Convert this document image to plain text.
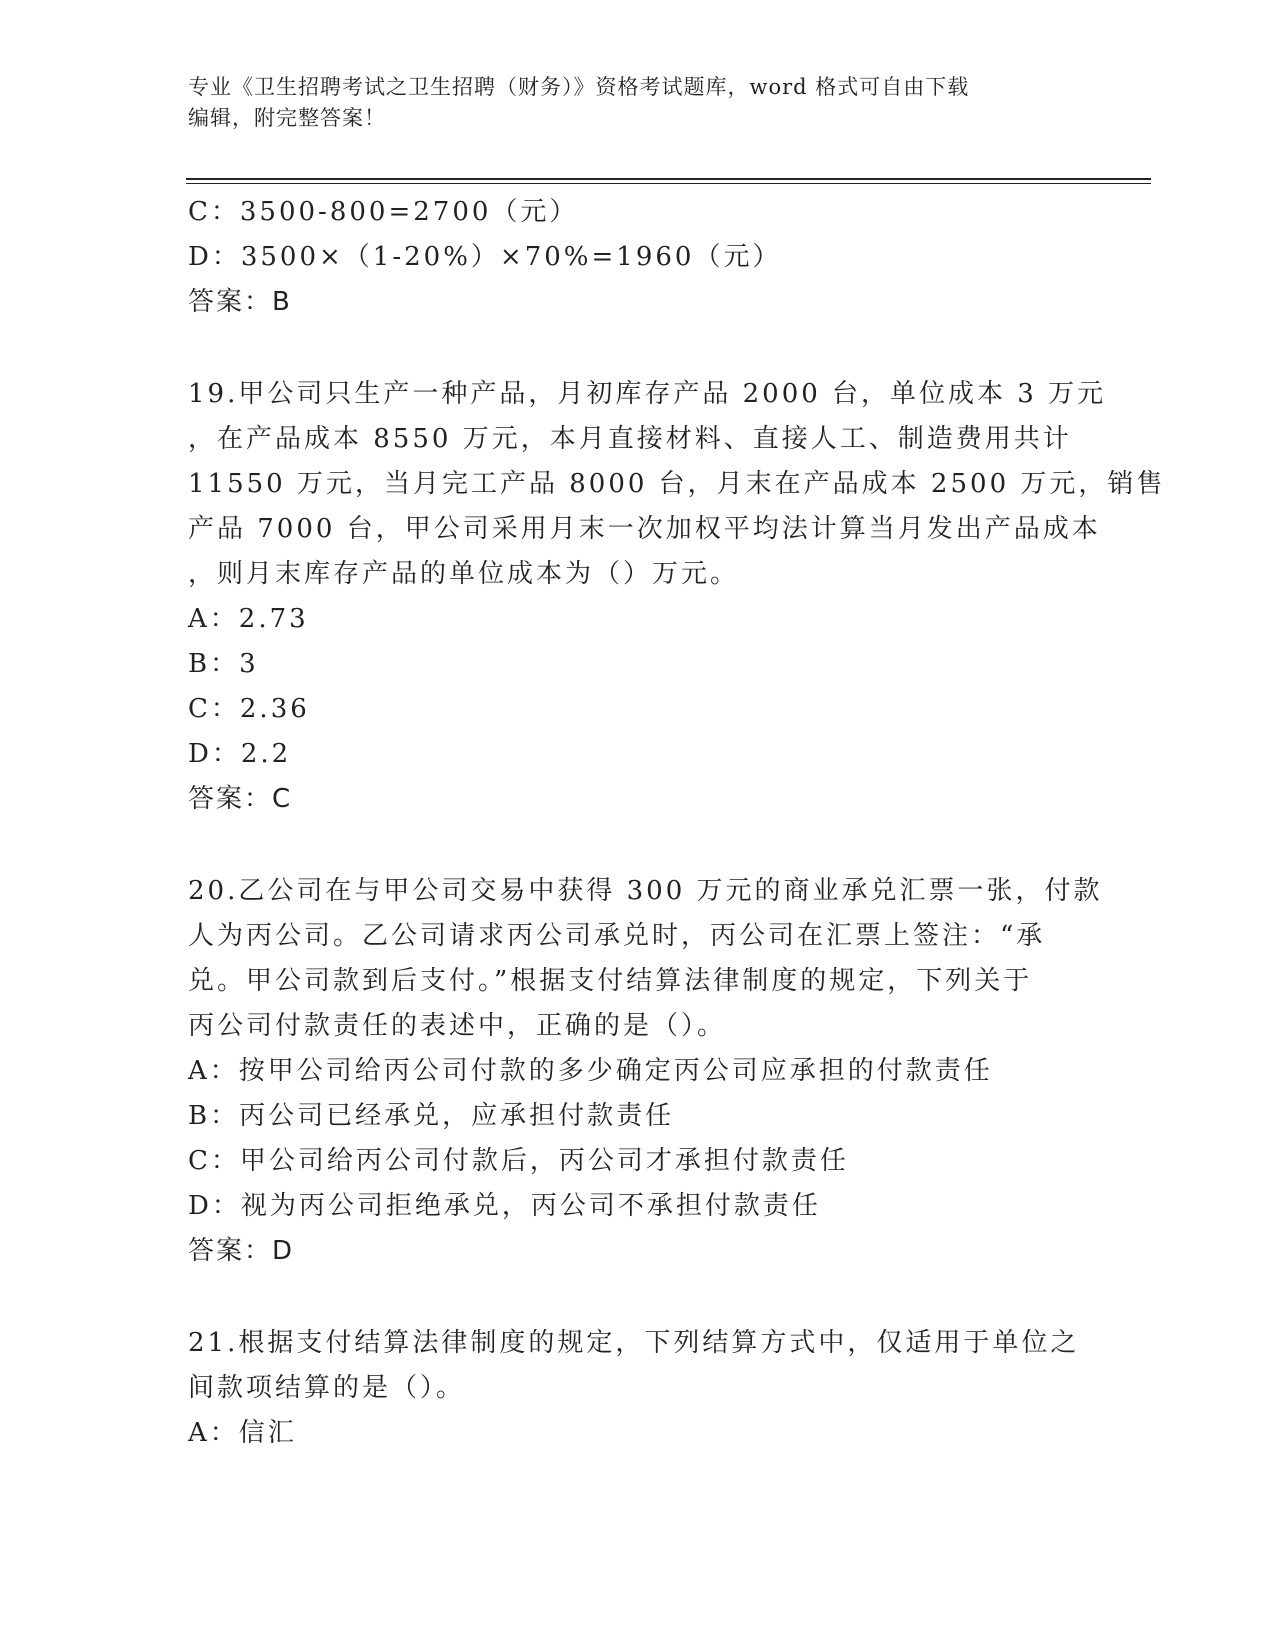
专业《卫生招聘考试之卫生招聘（财务）》资格考试题库，word 格式可自由下载
编辑，附完整答案！
C：3500-800=2700（元）
D：3500×（1-20%）×70%=1960（元）
答案：B
19.甲公司只生产一种产品，月初库存产品 2000 台，单位成本 3 万元
，在产品成本 8550 万元，本月直接材料、直接人工、制造费用共计
11550 万元，当月完工产品 8000 台，月末在产品成本 2500 万元，销售
产品 7000 台，甲公司采用月末一次加权平均法计算当月发出产品成本
，则月末库存产品的单位成本为（）万元。
A：2.73
B：3
C：2.36
D：2.2
答案：C
20.乙公司在与甲公司交易中获得 300 万元的商业承兑汇票一张，付款
人为丙公司。乙公司请求丙公司承兑时，丙公司在汇票上签注：“承
兑。甲公司款到后支付。”根据支付结算法律制度的规定，下列关于
丙公司付款责任的表述中，正确的是（）。
A：按甲公司给丙公司付款的多少确定丙公司应承担的付款责任
B：丙公司已经承兑，应承担付款责任
C：甲公司给丙公司付款后，丙公司才承担付款责任
D：视为丙公司拒绝承兑，丙公司不承担付款责任
答案：D
21.根据支付结算法律制度的规定，下列结算方式中，仅适用于单位之
间款项结算的是（）。
A：信汇
